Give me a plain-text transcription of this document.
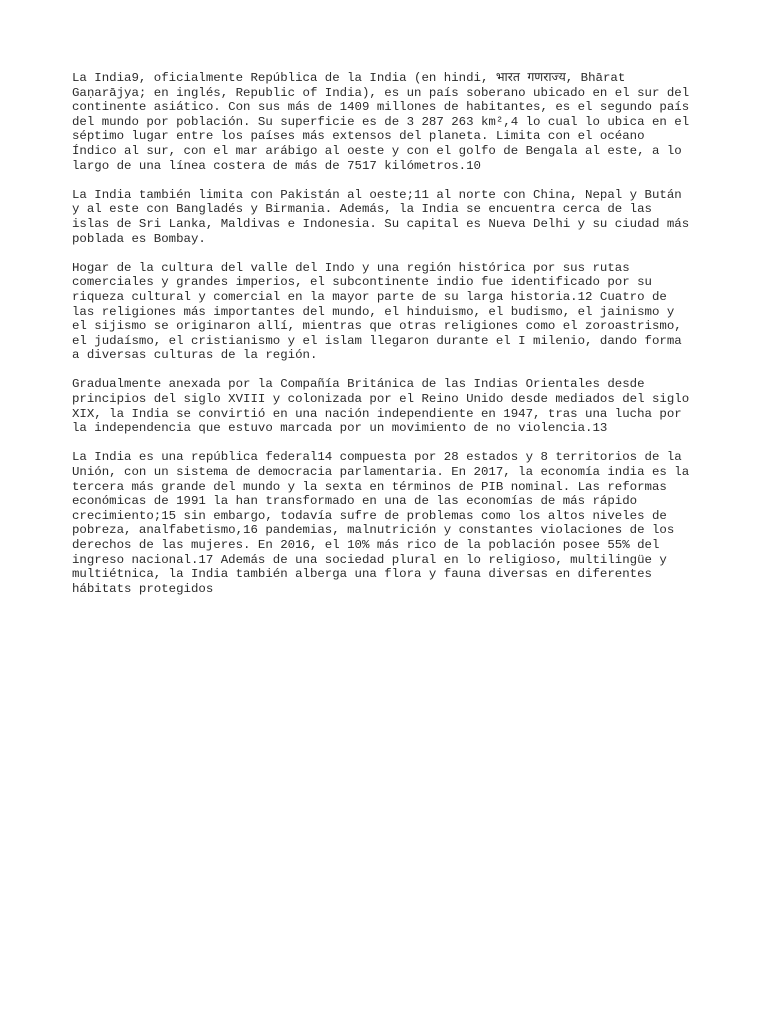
La India9, oficialmente República de la India (en hindi, भारत गणराज्य, Bhārat
Gaṇarājya; en inglés, Republic of India), es un país soberano ubicado en el sur del
continente asiático. Con sus más de 1409 millones de habitantes, es el segundo país
del mundo por población. Su superficie es de 3 287 263 km²,4 lo cual lo ubica en el
séptimo lugar entre los países más extensos del planeta. Limita con el océano
Índico al sur, con el mar arábigo al oeste y con el golfo de Bengala al este, a lo
largo de una línea costera de más de 7517 kilómetros.10

La India también limita con Pakistán al oeste;11 al norte con China, Nepal y Bután
y al este con Bangladés y Birmania. Además, la India se encuentra cerca de las
islas de Sri Lanka, Maldivas e Indonesia. Su capital es Nueva Delhi y su ciudad más
poblada es Bombay.

Hogar de la cultura del valle del Indo y una región histórica por sus rutas
comerciales y grandes imperios, el subcontinente indio fue identificado por su
riqueza cultural y comercial en la mayor parte de su larga historia.12 Cuatro de
las religiones más importantes del mundo, el hinduismo, el budismo, el jainismo y
el sijismo se originaron allí, mientras que otras religiones como el zoroastrismo,
el judaísmo, el cristianismo y el islam llegaron durante el I milenio, dando forma
a diversas culturas de la región.

Gradualmente anexada por la Compañía Británica de las Indias Orientales desde
principios del siglo XVIII y colonizada por el Reino Unido desde mediados del siglo
XIX, la India se convirtió en una nación independiente en 1947, tras una lucha por
la independencia que estuvo marcada por un movimiento de no violencia.13

La India es una república federal14 compuesta por 28 estados y 8 territorios de la
Unión, con un sistema de democracia parlamentaria. En 2017, la economía india es la
tercera más grande del mundo y la sexta en términos de PIB nominal. Las reformas
económicas de 1991 la han transformado en una de las economías de más rápido
crecimiento;15 sin embargo, todavía sufre de problemas como los altos niveles de
pobreza, analfabetismo,16 pandemias, malnutrición y constantes violaciones de los
derechos de las mujeres. En 2016, el 10% más rico de la población posee 55% del
ingreso nacional.17 Además de una sociedad plural en lo religioso, multilingüe y
multiétnica, la India también alberga una flora y fauna diversas en diferentes
hábitats protegidos
